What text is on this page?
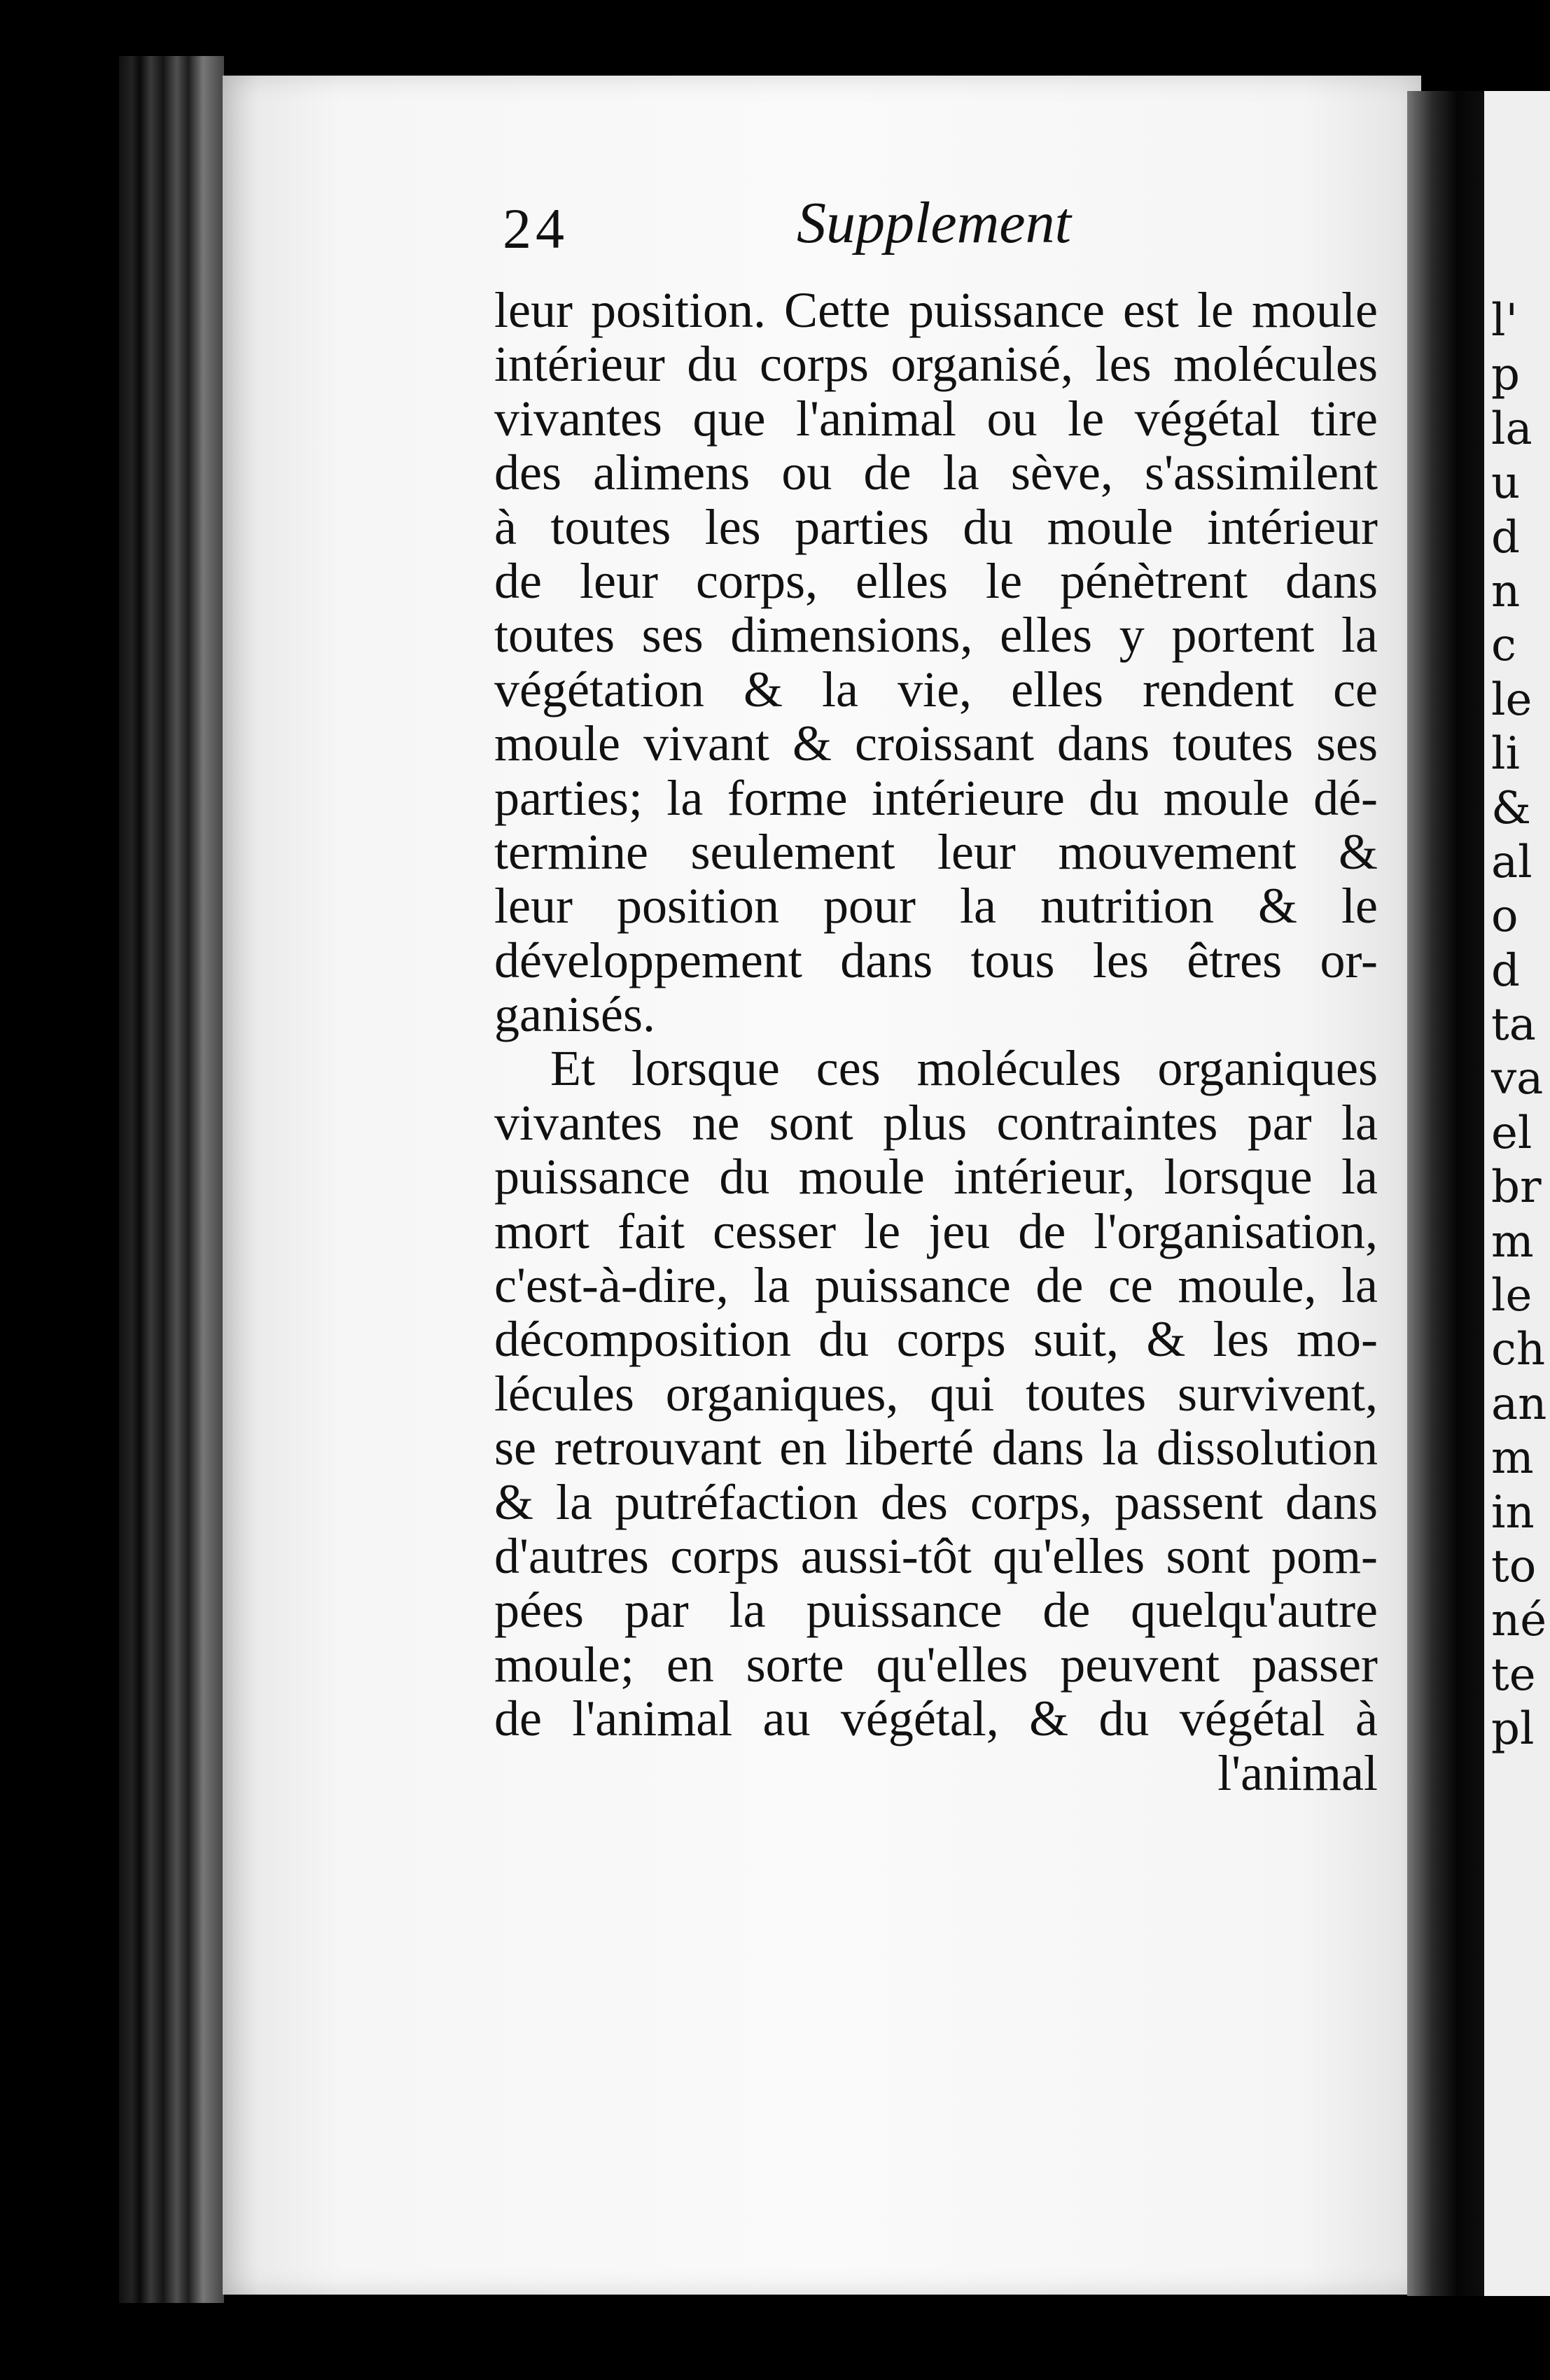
l'
p
la
u
d
n
c
le
li
&
al
o
d
ta
va
el
br
m
le
ch
an
m
in
to
né
te
pl
24	Supplement
leur position. Cette puissance est le moule
intérieur du corps organisé, les molécules
vivantes que l'animal ou le végétal tire
des alimens ou de la sève, s'assimilent
à toutes les parties du moule intérieur
de leur corps, elles le pénètrent dans
toutes ses dimensions, elles y portent la
végétation & la vie, elles rendent ce
moule vivant & croissant dans toutes ses
parties; la forme intérieure du moule dé-
termine seulement leur mouvement &
leur position pour la nutrition & le
développement dans tous les êtres or-
ganisés.
Et lorsque ces molécules organiques
vivantes ne sont plus contraintes par la
puissance du moule intérieur, lorsque la
mort fait cesser le jeu de l'organisation,
c'est-à-dire, la puissance de ce moule, la
décomposition du corps suit, & les mo-
lécules organiques, qui toutes survivent,
se retrouvant en liberté dans la dissolution
& la putréfaction des corps, passent dans
d'autres corps aussi-tôt qu'elles sont pom-
pées par la puissance de quelqu'autre
moule; en sorte qu'elles peuvent passer
de l'animal au végétal, & du végétal à
l'animal
